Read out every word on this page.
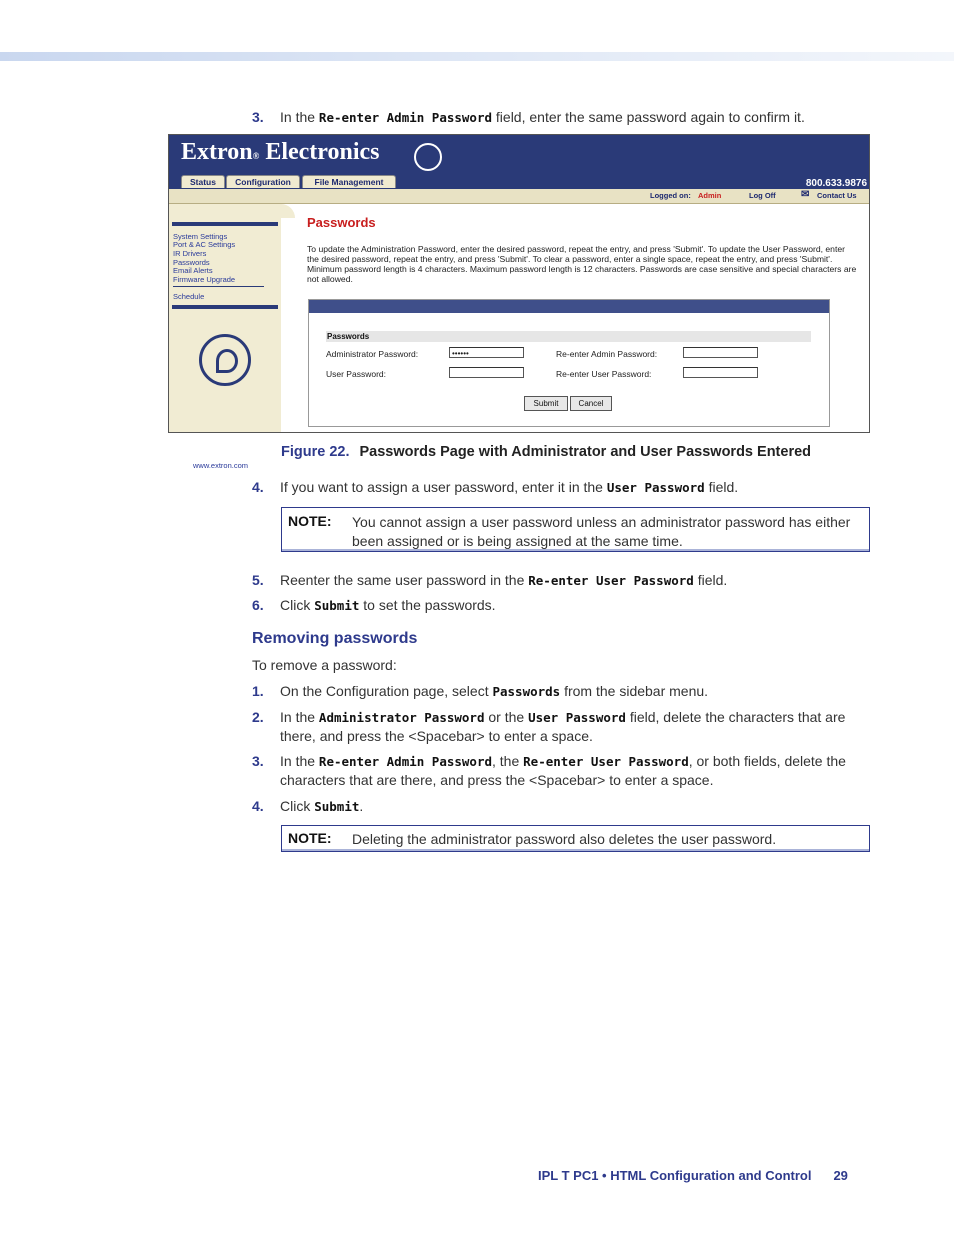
3. In the Re-enter Admin Password field, enter the same password again to confirm it.
Extron® Electronics
800.633.9876
Status	Configuration	File Management
Logged on: Admin	Log Off	✉ Contact Us
System Settings
Port & AC Settings
IR Drivers
Passwords
Email Alerts
Firmware Upgrade
Schedule
www.extron.com
Passwords
To update the Administration Password, enter the desired password, repeat the entry, and press 'Submit'. To update the User Password, enter the desired password, repeat the entry, and press 'Submit'. To clear a password, enter a single space, repeat the entry, and press 'Submit'. Minimum password length is 4 characters. Maximum password length is 12 characters. Passwords are case sensitive and special characters are not allowed.
Passwords
Administrator Password:	••••••	Re-enter Admin Password:
User Password:	Re-enter User Password:
Submit	Cancel
Figure 22. Passwords Page with Administrator and User Passwords Entered
4. If you want to assign a user password, enter it in the User Password field.
NOTE: You cannot assign a user password unless an administrator password has either been assigned or is being assigned at the same time.
5. Reenter the same user password in the Re-enter User Password field.
6. Click Submit to set the passwords.
Removing passwords
To remove a password:
1. On the Configuration page, select Passwords from the sidebar menu.
2. In the Administrator Password or the User Password field, delete the characters that are there, and press the <Spacebar> to enter a space.
3. In the Re-enter Admin Password, the Re-enter User Password, or both fields, delete the characters that are there, and press the <Spacebar> to enter a space.
4. Click Submit.
NOTE: Deleting the administrator password also deletes the user password.
IPL T PC1 • HTML Configuration and Control 29
